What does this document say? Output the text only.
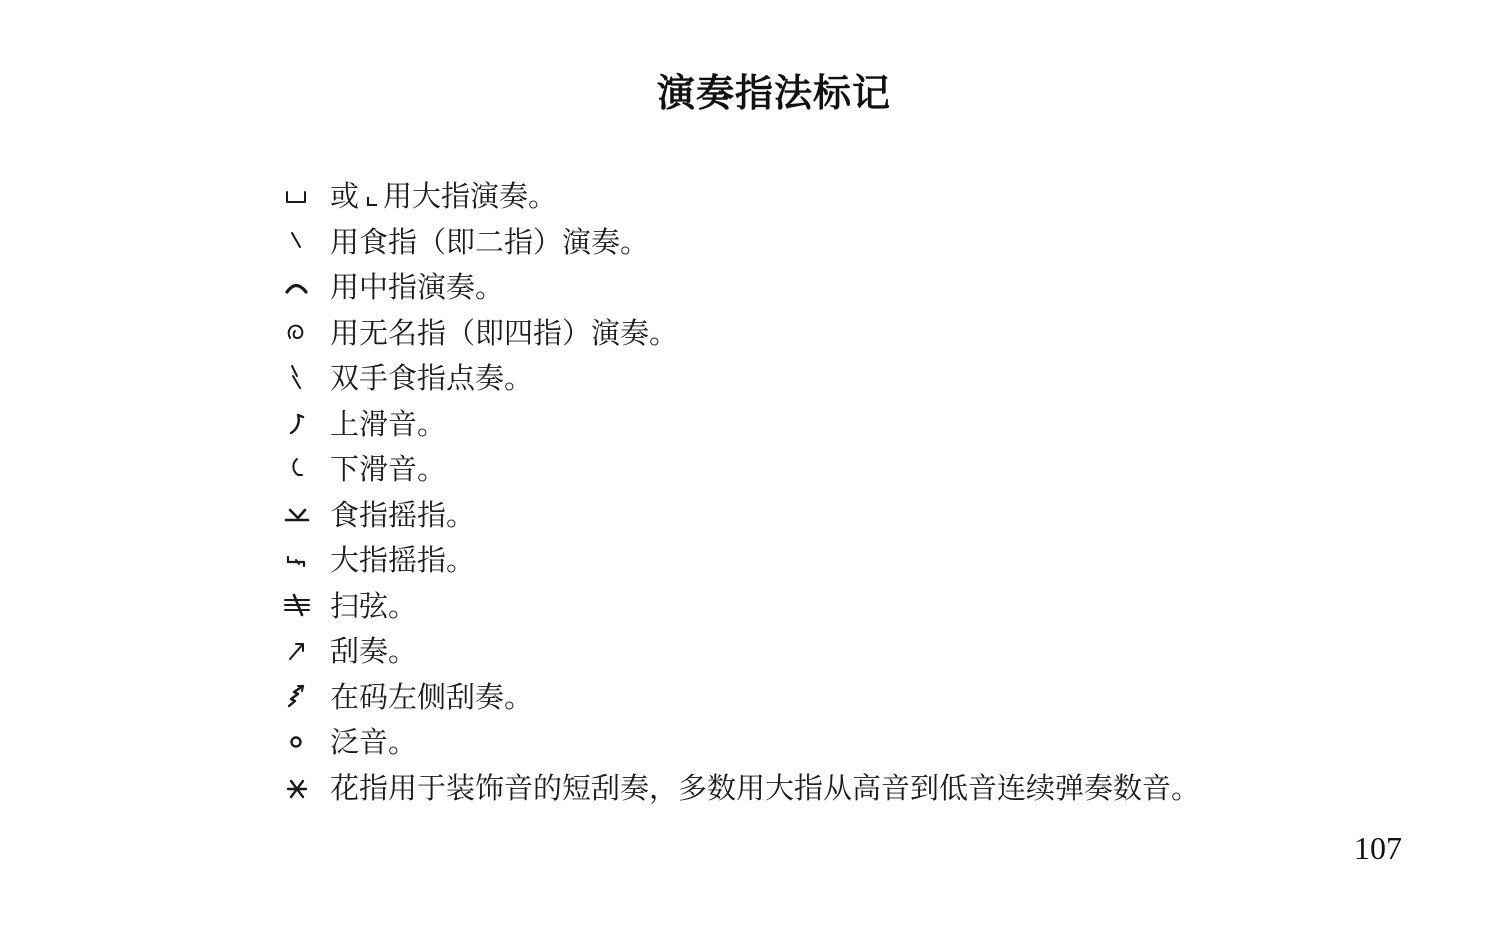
演奏指法标记
或 用大指演奏。
用食指（即二指）演奏。
用中指演奏。
用无名指（即四指）演奏。
双手食指点奏。
上滑音。
下滑音。
食指摇指。
大指摇指。
扫弦。
刮奏。
在码左侧刮奏。
泛音。
花指用于装饰音的短刮奏，多数用大指从高音到低音连续弹奏数音。
107
